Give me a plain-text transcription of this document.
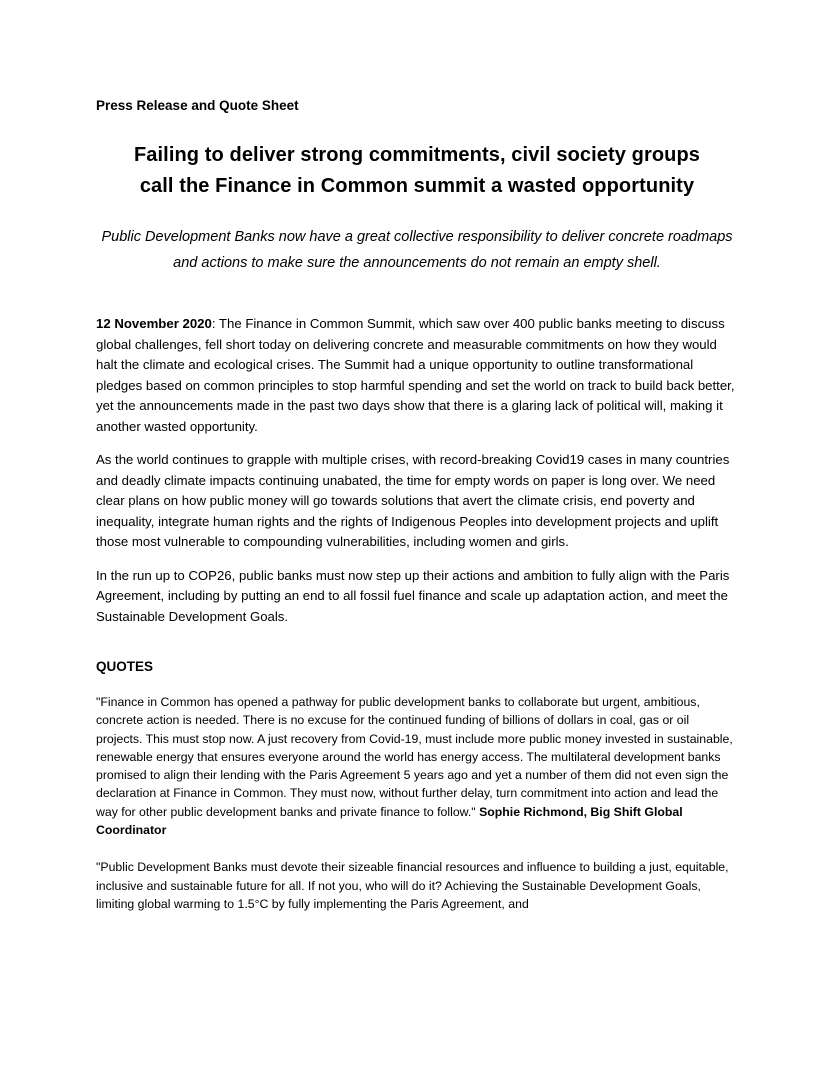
Press Release and Quote Sheet

Failing to deliver strong commitments, civil society groups call the Finance in Common summit a wasted opportunity

Public Development Banks now have a great collective responsibility to deliver concrete roadmaps and actions to make sure the announcements do not remain an empty shell.

12 November 2020: The Finance in Common Summit, which saw over 400 public banks meeting to discuss global challenges, fell short today on delivering concrete and measurable commitments on how they would halt the climate and ecological crises. The Summit had a unique opportunity to outline transformational pledges based on common principles to stop harmful spending and set the world on track to build back better, yet the announcements made in the past two days show that there is a glaring lack of political will, making it another wasted opportunity.

As the world continues to grapple with multiple crises, with record-breaking Covid19 cases in many countries and deadly climate impacts continuing unabated, the time for empty words on paper is long over. We need clear plans on how public money will go towards solutions that avert the climate crisis, end poverty and inequality, integrate human rights and the rights of Indigenous Peoples into development projects and uplift those most vulnerable to compounding vulnerabilities, including women and girls.

In the run up to COP26, public banks must now step up their actions and ambition to fully align with the Paris Agreement, including by putting an end to all fossil fuel finance and scale up adaptation action, and meet the Sustainable Development Goals.

QUOTES

"Finance in Common has opened a pathway for public development banks to collaborate but urgent, ambitious, concrete action is needed. There is no excuse for the continued funding of billions of dollars in coal, gas or oil projects. This must stop now. A just recovery from Covid-19, must include more public money invested in sustainable, renewable energy that ensures everyone around the world has energy access. The multilateral development banks promised to align their lending with the Paris Agreement 5 years ago and yet a number of them did not even sign the declaration at Finance in Common. They must now, without further delay, turn commitment into action and lead the way for other public development banks and private finance to follow." Sophie Richmond, Big Shift Global Coordinator

"Public Development Banks must devote their sizeable financial resources and influence to building a just, equitable, inclusive and sustainable future for all. If not you, who will do it? Achieving the Sustainable Development Goals, limiting global warming to 1.5°C by fully implementing the Paris Agreement, and
